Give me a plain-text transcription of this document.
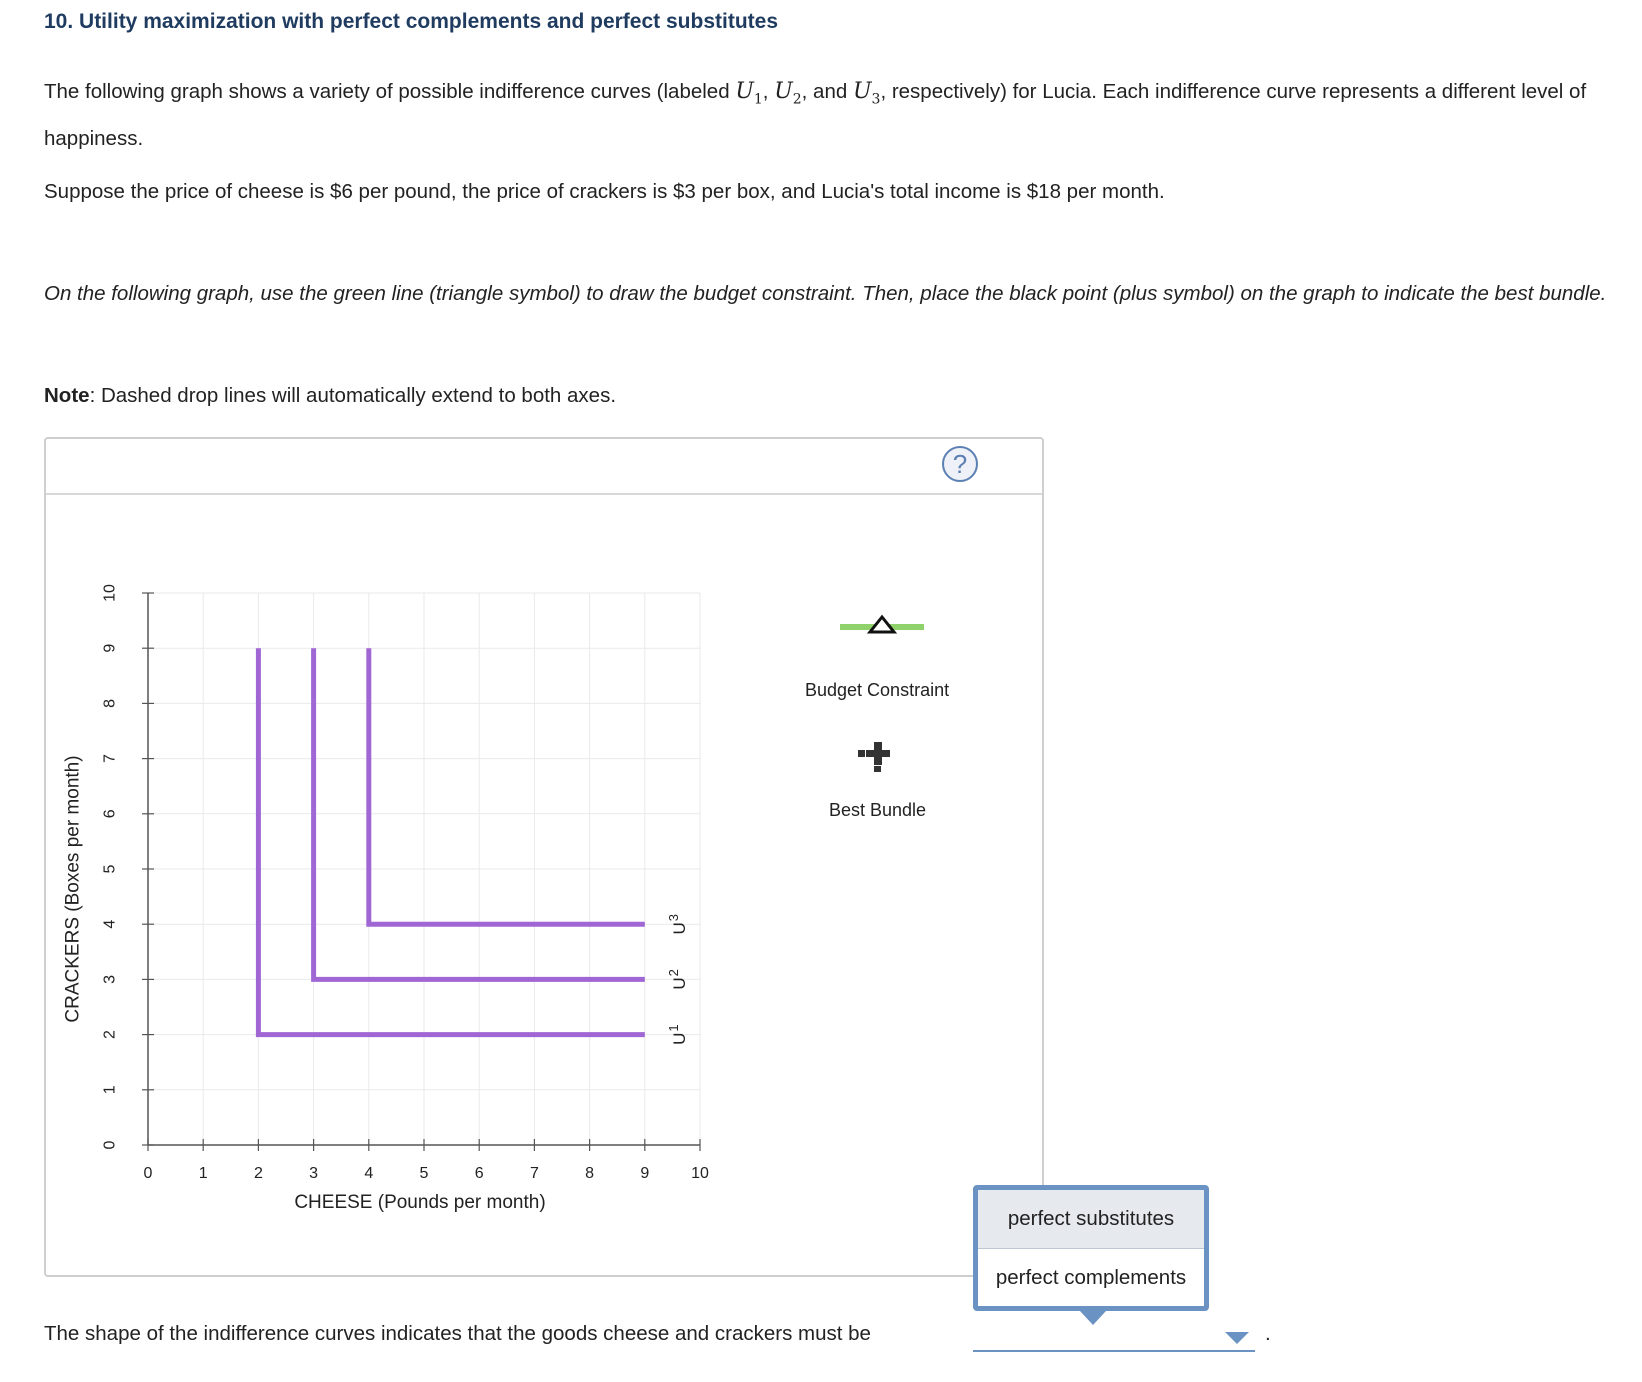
10. Utility maximization with perfect complements and perfect substitutes

The following graph shows a variety of possible indifference curves (labeled $U_1$, $U_2$, and $U_3$, respectively) for Lucia. Each indifference curve represents a different level of happiness.

Suppose the price of cheese is $6 per pound, the price of crackers is $3 per box, and Lucia's total income is $18 per month.

On the following graph, use the green line (triangle symbol) to draw the budget constraint. Then, place the black point (plus symbol) on the graph to indicate the best bundle.

Note: Dashed drop lines will automatically extend to both axes.

?
0	1	2	3	4	5	6	7	8	9	10
0
1
2
3
4
5
6
7
8
9
10
CHEESE (Pounds per month)
CRACKERS (Boxes per month)
$U^1$
$U^2$
$U^3$
Budget Constraint
Best Bundle
perfect substitutes
perfect complements

The shape of the indifference curves indicates that the goods cheese and crackers must be	.
